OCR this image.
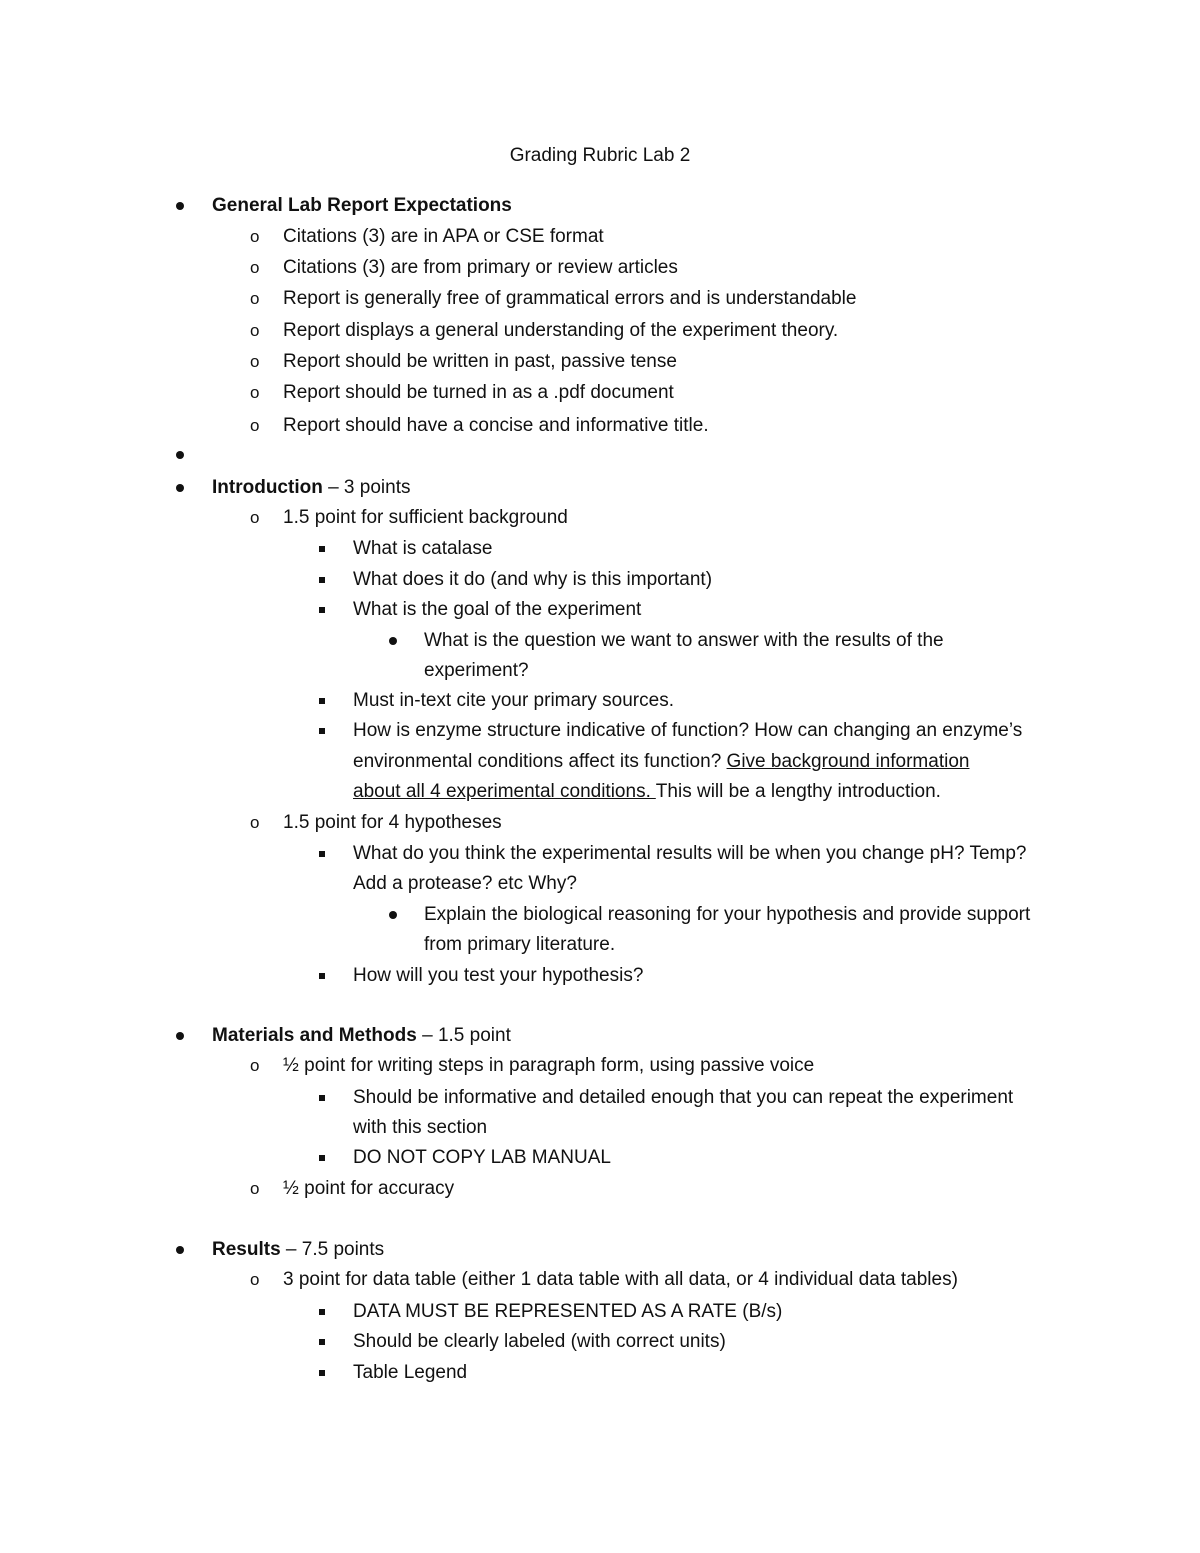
Grading Rubric Lab 2
General Lab Report Expectations
o Citations (3) are in APA or CSE format
o Citations (3) are from primary or review articles
o Report is generally free of grammatical errors and is understandable
o Report displays a general understanding of the experiment theory.
o Report should be written in past, passive tense
o Report should be turned in as a .pdf document
o Report should have a concise and informative title.
Introduction – 3 points
o 1.5 point for sufficient background
What is catalase
What does it do (and why is this important)
What is the goal of the experiment
What is the question we want to answer with the results of the
experiment?
Must in-text cite your primary sources.
How is enzyme structure indicative of function? How can changing an enzyme’s
environmental conditions affect its function? Give background information
about all 4 experimental conditions. This will be a lengthy introduction.
o 1.5 point for 4 hypotheses
What do you think the experimental results will be when you change pH? Temp?
Add a protease? etc Why?
Explain the biological reasoning for your hypothesis and provide support
from primary literature.
How will you test your hypothesis?
Materials and Methods – 1.5 point
o ½ point for writing steps in paragraph form, using passive voice
Should be informative and detailed enough that you can repeat the experiment
with this section
DO NOT COPY LAB MANUAL
o ½ point for accuracy
Results – 7.5 points
o 3 point for data table (either 1 data table with all data, or 4 individual data tables)
DATA MUST BE REPRESENTED AS A RATE (B/s)
Should be clearly labeled (with correct units)
Table Legend
